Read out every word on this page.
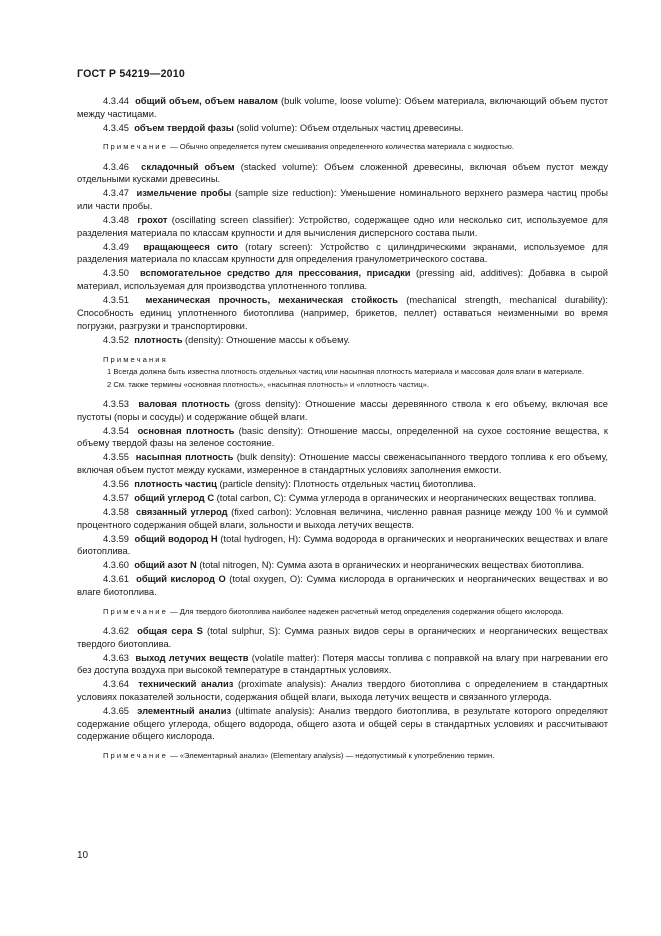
ГОСТ Р 54219—2010

4.3.44 общий объем, объем навалом (bulk volume, loose volume): Объем материала, включающий объем пустот между частицами.

4.3.45 объем твердой фазы (solid volume): Объем отдельных частиц древесины.

Примечание — Обычно определяется путем смешивания определенного количества материала с жидкостью.

4.3.46 складочный объем (stacked volume): Объем сложенной древесины, включая объем пустот между отдельными кусками древесины.

4.3.47 измельчение пробы (sample size reduction): Уменьшение номинального верхнего размера частиц пробы или части пробы.

4.3.48 грохот (oscillating screen classifier): Устройство, содержащее одно или несколько сит, используемое для разделения материала по классам крупности и для вычисления дисперсного состава пыли.

4.3.49 вращающееся сито (rotary screen): Устройство с цилиндрическими экранами, используемое для разделения материала по классам крупности для определения гранулометрического состава.

4.3.50 вспомогательное средство для прессования, присадки (pressing aid, additives): Добавка в сырой материал, используемая для производства уплотненного топлива.

4.3.51 механическая прочность, механическая стойкость (mechanical strength, mechanical durability): Способность единиц уплотненного биотоплива (например, брикетов, пеллет) оставаться неизменными во время погрузки, разгрузки и транспортировки.

4.3.52 плотность (density): Отношение массы к объему.

Примечания

1 Всегда должна быть известна плотность отдельных частиц или насыпная плотность материала и массовая доля влаги в материале.

2 См. также термины «основная плотность», «насыпная плотность» и «плотность частиц».

4.3.53 валовая плотность (gross density): Отношение массы деревянного ствола к его объему, включая все пустоты (поры и сосуды) и содержание общей влаги.

4.3.54 основная плотность (basic density): Отношение массы, определенной на сухое состояние вещества, к объему твердой фазы на зеленое состояние.

4.3.55 насыпная плотность (bulk density): Отношение массы свеженасыпанного твердого топлива к его объему, включая объем пустот между кусками, измеренное в стандартных условиях заполнения емкости.

4.3.56 плотность частиц (particle density): Плотность отдельных частиц биотоплива.

4.3.57 общий углерод C (total carbon, C): Сумма углерода в органических и неорганических веществах топлива.

4.3.58 связанный углерод (fixed carbon): Условная величина, численно равная разнице между 100 % и суммой процентного содержания общей влаги, зольности и выхода летучих веществ.

4.3.59 общий водород H (total hydrogen, H): Сумма водорода в органических и неорганических веществах и влаге биотоплива.

4.3.60 общий азот N (total nitrogen, N): Сумма азота в органических и неорганических веществах биотоплива.

4.3.61 общий кислород O (total oxygen, O): Сумма кислорода в органических и неорганических веществах и во влаге биотоплива.

Примечание — Для твердого биотоплива наиболее надежен расчетный метод определения содержания общего кислорода.

4.3.62 общая сера S (total sulphur, S): Сумма разных видов серы в органических и неорганических веществах твердого биотоплива.

4.3.63 выход летучих веществ (volatile matter): Потеря массы топлива с поправкой на влагу при нагревании его без доступа воздуха при высокой температуре в стандартных условиях.

4.3.64 технический анализ (proximate analysis): Анализ твердого биотоплива с определением в стандартных условиях показателей зольности, содержания общей влаги, выхода летучих веществ и связанного углерода.

4.3.65 элементный анализ (ultimate analysis): Анализ твердого биотоплива, в результате которого определяют содержание общего углерода, общего водорода, общего азота и общей серы в стандартных условиях и рассчитывают содержание общего кислорода.

Примечание — «Элементарный анализ» (Elementary analysis) — недопустимый к употреблению термин.

10
